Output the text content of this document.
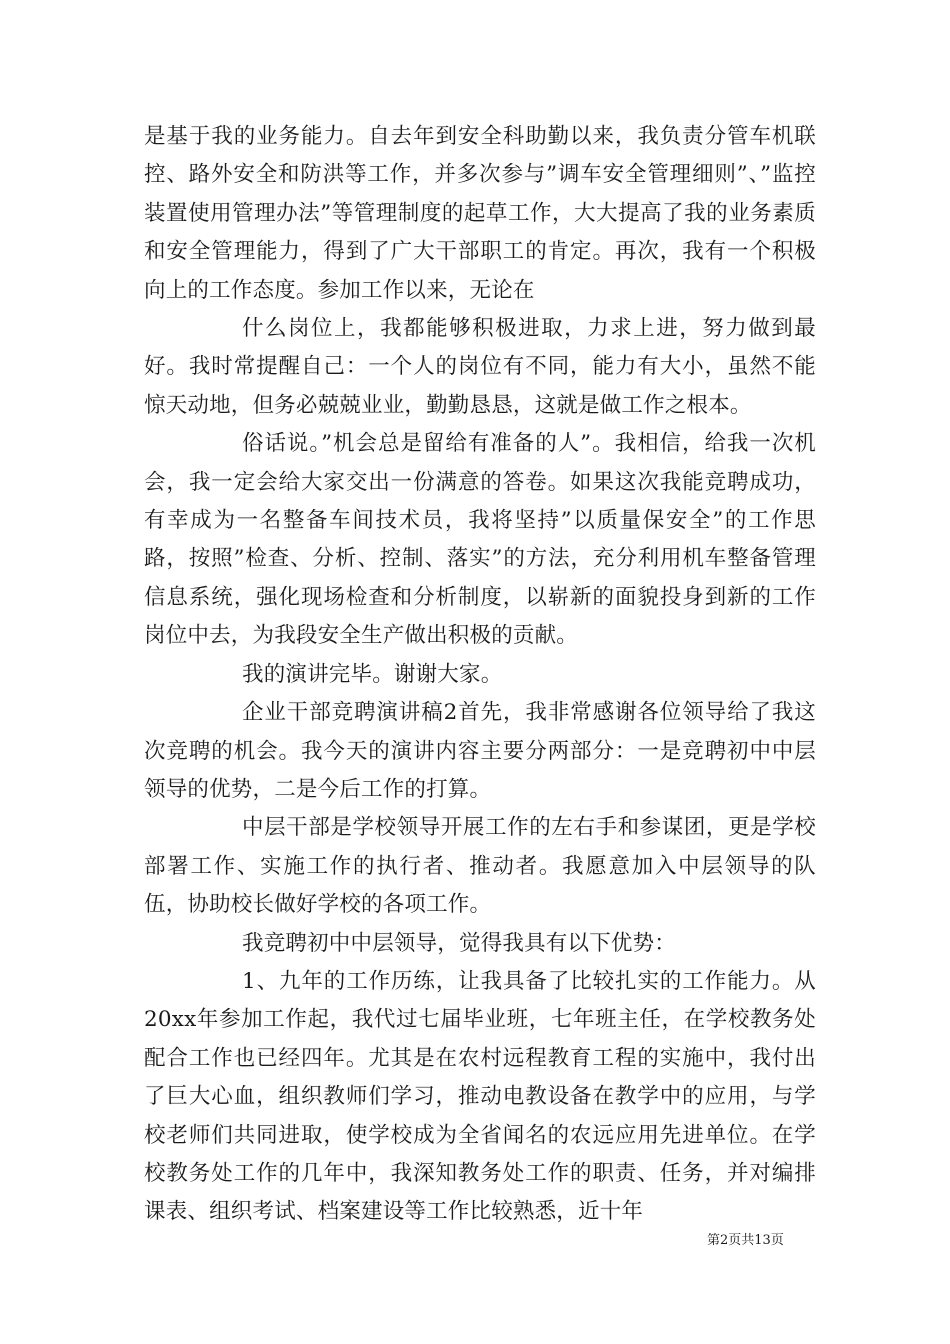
是基于我的业务能力。自去年到安全科助勤以来，我负责分管车机联控、路外安全和防洪等工作，并多次参与”调车安全管理细则”、”监控装置使用管理办法”等管理制度的起草工作，大大提高了我的业务素质和安全管理能力，得到了广大干部职工的肯定。再次，我有一个积极向上的工作态度。参加工作以来，无论在

什么岗位上，我都能够积极进取，力求上进，努力做到最好。我时常提醒自己：一个人的岗位有不同，能力有大小，虽然不能惊天动地，但务必兢兢业业，勤勤恳恳，这就是做工作之根本。

俗话说。”机会总是留给有准备的人”。我相信，给我一次机会，我一定会给大家交出一份满意的答卷。如果这次我能竞聘成功，有幸成为一名整备车间技术员，我将坚持”以质量保安全”的工作思路，按照”检查、分析、控制、落实”的方法，充分利用机车整备管理信息系统，强化现场检查和分析制度，以崭新的面貌投身到新的工作岗位中去，为我段安全生产做出积极的贡献。

我的演讲完毕。谢谢大家。

企业干部竞聘演讲稿2首先，我非常感谢各位领导给了我这次竞聘的机会。我今天的演讲内容主要分两部分：一是竞聘初中中层领导的优势，二是今后工作的打算。

中层干部是学校领导开展工作的左右手和参谋团，更是学校部署工作、实施工作的执行者、推动者。我愿意加入中层领导的队伍，协助校长做好学校的各项工作。

我竞聘初中中层领导，觉得我具有以下优势：

1、九年的工作历练，让我具备了比较扎实的工作能力。从20xx年参加工作起，我代过七届毕业班，七年班主任，在学校教务处配合工作也已经四年。尤其是在农村远程教育工程的实施中，我付出了巨大心血，组织教师们学习，推动电教设备在教学中的应用，与学校老师们共同进取，使学校成为全省闻名的农远应用先进单位。在学校教务处工作的几年中，我深知教务处工作的职责、任务，并对编排课表、组织考试、档案建设等工作比较熟悉，近十年

第2页共13页
